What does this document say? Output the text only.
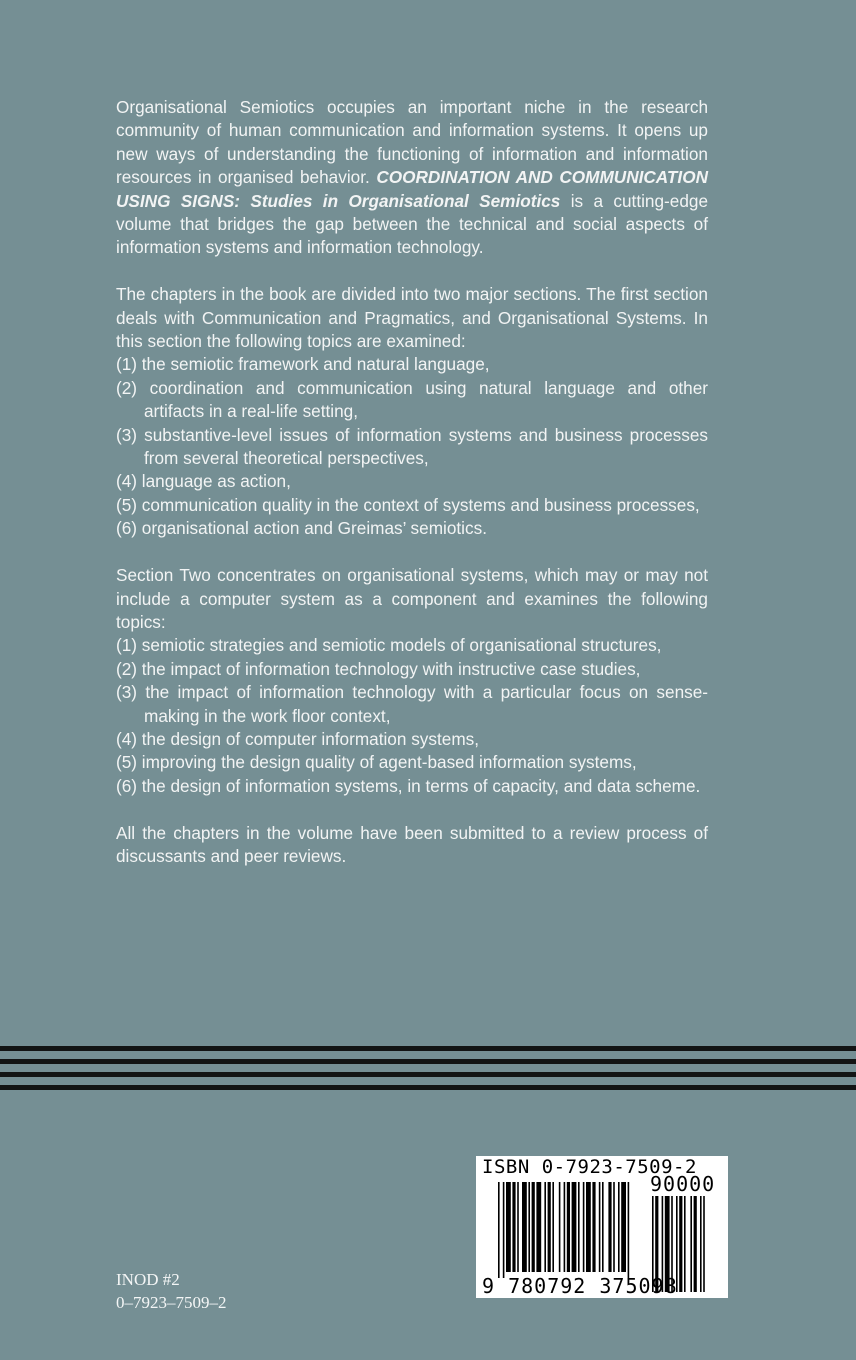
Organisational Semiotics occupies an important niche in the research community of human communication and information systems. It opens up new ways of understanding the functioning of information and information resources in organised behavior. COORDINATION AND COMMUNICATION USING SIGNS: Studies in Organisational Semiotics is a cutting-edge volume that bridges the gap between the technical and social aspects of information systems and information technology.

The chapters in the book are divided into two major sections. The first section deals with Communication and Pragmatics, and Organisational Systems. In this section the following topics are examined:

(1) the semiotic framework and natural language,
(2) coordination and communication using natural language and other artifacts in a real-life setting,
(3) substantive-level issues of information systems and business processes from several theoretical perspectives,
(4) language as action,
(5) communication quality in the context of systems and business processes,
(6) organisational action and Greimas’ semiotics.

Section Two concentrates on organisational systems, which may or may not include a computer system as a component and examines the following topics:

(1) semiotic strategies and semiotic models of organisational structures,
(2) the impact of information technology with instructive case studies,
(3) the impact of information technology with a particular focus on sense-making in the work floor context,
(4) the design of computer information systems,
(5) improving the design quality of agent-based information systems,
(6) the design of information systems, in terms of capacity, and data scheme.

All the chapters in the volume have been submitted to a review process of discussants and peer reviews.

INOD #2
0–7923–7509–2
ISBN 0-7923-7509-2
90000
9 780792 375098
